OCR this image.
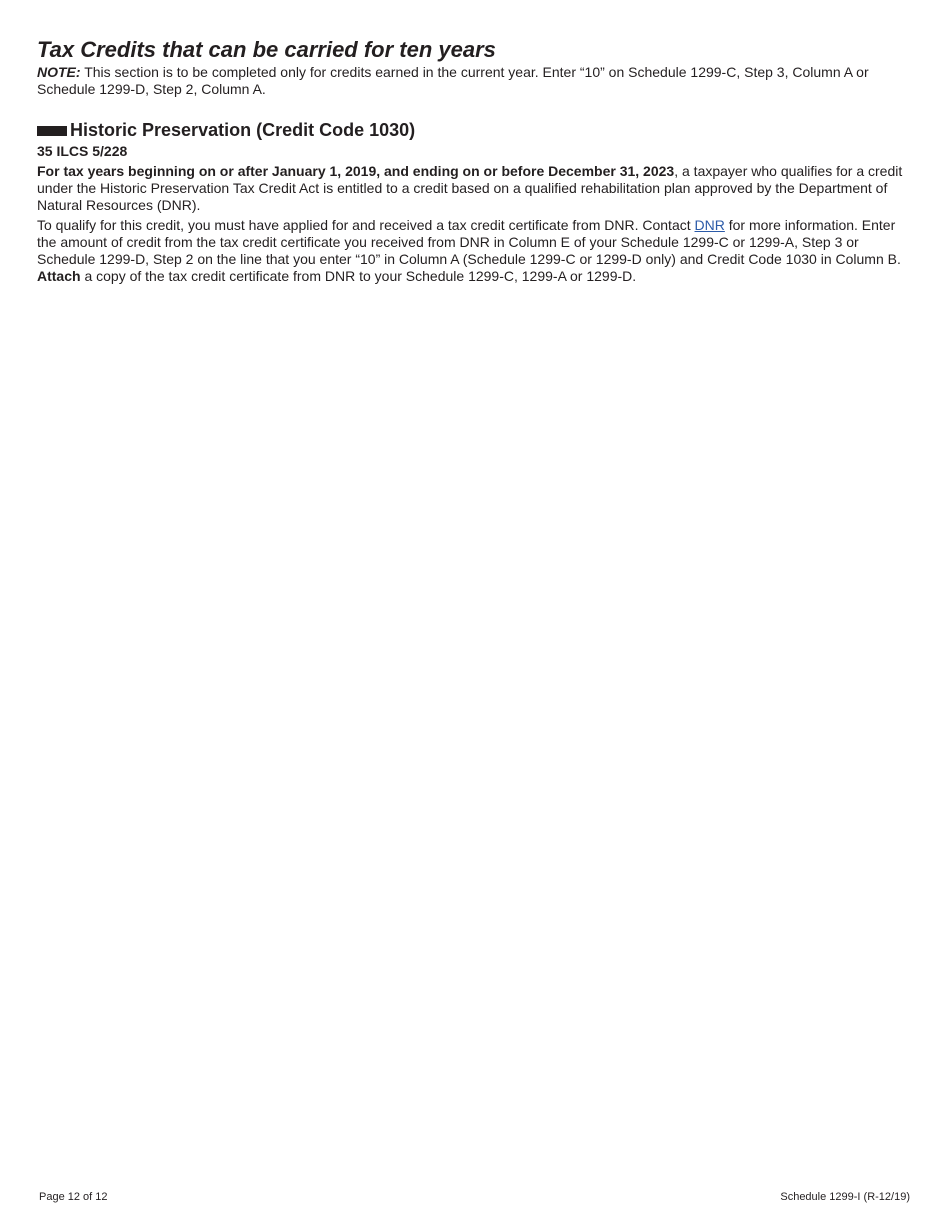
Tax Credits that can be carried for ten years

NOTE: This section is to be completed only for credits earned in the current year. Enter “10” on Schedule 1299-C, Step 3, Column A or Schedule 1299-D, Step 2, Column A.

Historic Preservation (Credit Code 1030)
35 ILCS 5/228

For tax years beginning on or after January 1, 2019, and ending on or before December 31, 2023, a taxpayer who qualifies for a credit under the Historic Preservation Tax Credit Act is entitled to a credit based on a qualified rehabilitation plan approved by the Department of Natural Resources (DNR).

To qualify for this credit, you must have applied for and received a tax credit certificate from DNR. Contact DNR for more information. Enter the amount of credit from the tax credit certificate you received from DNR in Column E of your Schedule 1299-C or 1299-A, Step 3 or Schedule 1299-D, Step 2 on the line that you enter “10” in Column A (Schedule 1299-C or 1299-D only) and Credit Code 1030 in Column B.
Attach a copy of the tax credit certificate from DNR to your Schedule 1299-C, 1299-A or 1299-D.

Page 12 of 12	Schedule 1299-I (R-12/19)
